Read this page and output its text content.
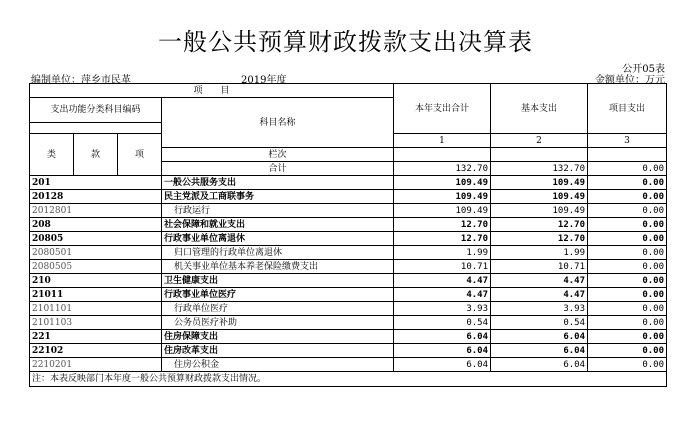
一般公共预算财政拨款支出决算表
公开05表
编制单位：萍乡市民革	2019年度	金额单位：万元
项　　目				本年支出合计	基本支出	项目支出
支出功能分类科目编码			科目名称			

类	款	项		1	2	3
			栏次			
			合计	132.70	132.70	0.00
201			一般公共服务支出	109.49	109.49	0.00
20128			民主党派及工商联事务	109.49	109.49	0.00
2012801			行政运行	109.49	109.49	0.00
208			社会保障和就业支出	12.70	12.70	0.00
20805			行政事业单位离退休	12.70	12.70	0.00
2080501			归口管理的行政单位离退休	1.99	1.99	0.00
2080505			机关事业单位基本养老保险缴费支出	10.71	10.71	0.00
210			卫生健康支出	4.47	4.47	0.00
21011			行政事业单位医疗	4.47	4.47	0.00
2101101			行政单位医疗	3.93	3.93	0.00
2101103			公务员医疗补助	0.54	0.54	0.00
221			住房保障支出	6.04	6.04	0.00
22102			住房改革支出	6.04	6.04	0.00
2210201			住房公积金	6.04	6.04	0.00
注：本表反映部门本年度一般公共预算财政拨款支出情况。						
